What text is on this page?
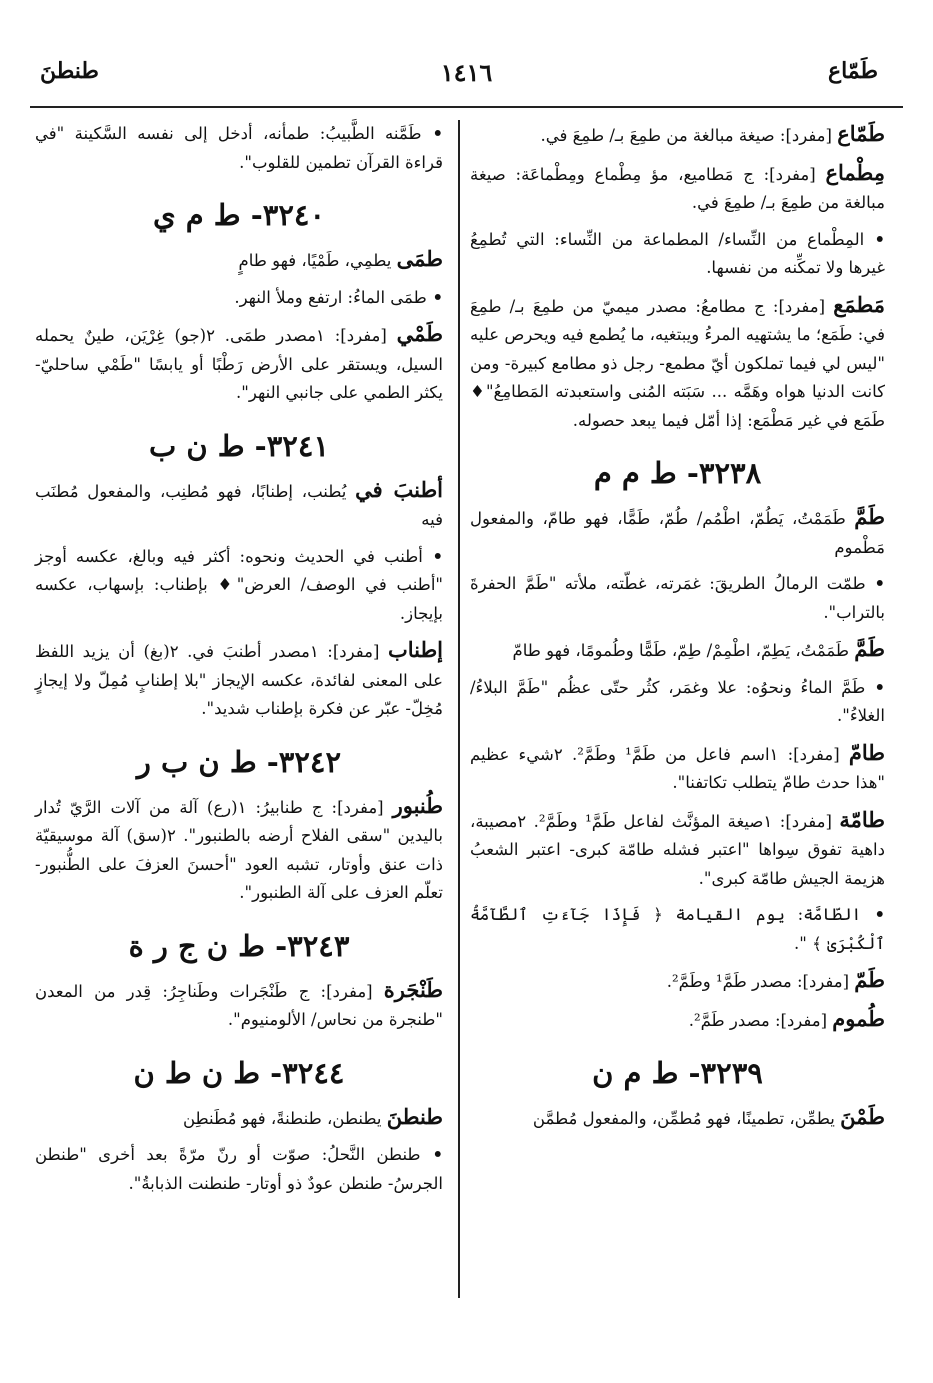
طَمّاع
١٤١٦
طنطنَ
طَمّاع [مفرد]: صيغة مبالغة من طمِعَ بـ/ طمِعَ في.
مِطْماع [مفرد]: ج مَطاميع، مؤ مِطْماع ومِطْماعَة: صيغة مبالغة من طمِعَ بـ/ طمِعَ في.
• المِطْماع من النِّساء/ المطماعة من النِّساء: التي تُطمِعُ غيرها ولا تمكِّنه من نفسها.
مَطمَع [مفرد]: ج مطامعُ: مصدر ميميّ من طمِعَ بـ/ طمِعَ في: طَمَع؛ ما يشتهيه المرءُ ويبتغيه، ما يُطمع فيه ويحرص عليه "ليس لي فيما تملكون أيّ مطمع- رجل ذو مطامع كبيرة- ومن كانت الدنيا هواه وهَمَّه ... سَبَته المُنى واستعبدته المَطامِعُ"♦ طَمَع في غير مَطْمَع: إذا أمّل فيما يبعد حصوله.
٣٢٣٨- ط م م
طَمَّ طَمَمْتُ، يَطُمّ، اطْمُم/ طُمّ، طَمًّا، فهو طامّ، والمفعول مَطْموم
• طمّت الرمالُ الطريقَ: غمَرته، غطّته، ملأته "طَمَّ الحفرةَ بالتراب".
طَمَّ طَمَمْتُ، يَطِمّ، اطْمِمْ/ طِمّ، طَمًّا وطُمومًا، فهو طامّ
• طَمَّ الماءُ ونحوُه: علا وغمَر، كثُر حتّى عظُم "طَمَّ البلاءُ/ الغلاءُ".
طامّ [مفرد]: ١اسم فاعل من طَمَّ¹ وطَمَّ². ٢شيء عظيم "هذا حدث طامّ يتطلب تكاتفنا".
طامّة [مفرد]: ١صيغة المؤنَّث لفاعل طَمَّ¹ وطَمَّ². ٢مصيبة، داهية تفوق سِواها "اعتبر فشله طامّة كبرى- اعتبر الشعبُ هزيمة الجيش طامّة كبرى".
• الطّامَّة: يوم القيامة ﴿ فَإِذَا جَآءَتِ ٱلطَّآمَّةُ ٱلْكُبْرَىٰ ﴾ ".
طَمّ [مفرد]: مصدر طَمَّ¹ وطَمَّ².
طُموم [مفرد]: مصدر طَمَّ².
٣٢٣٩- ط م ن
طَمْنَ يطمِّن، تطمينًا، فهو مُطمِّن، والمفعول مُطمَّن
• طَمَّنه الطَّبيبُ: طمأنه، أدخل إلى نفسه السَّكينة "في قراءة القرآن تطمين للقلوب".
٣٢٤٠- ط م ي
طمَى يطمِي، طَمْيًا، فهو طامٍ
• طمَى الماءُ: ارتفع وملأ النهر.
طَمْي [مفرد]: ١مصدر طمَى. ٢(جو) غِرْيَن، طينٌ يحمله السيل، ويستقر على الأرض رَطْبًا أو يابسًا "طَمْي ساحليّ- يكثر الطمي على جانبي النهر".
٣٢٤١- ط ن ب
أطنبَ في يُطنب، إطنابًا، فهو مُطنِب، والمفعول مُطنَب فيه
• أطنب في الحديث ونحوه: أكثر فيه وبالغ، عكسه أوجز "أطنب في الوصف/ العرض"♦ بإطناب: بإسهاب، عكسه بإيجاز.
إطناب [مفرد]: ١مصدر أطنبَ في. ٢(بغ) أن يزيد اللفظ على المعنى لفائدة، عكسه الإيجاز "بلا إطنابٍ مُمِلّ ولا إيجازٍ مُخِلّ- عبّر عن فكرة بإطناب شديد".
٣٢٤٢- ط ن ب ر
طُنبور [مفرد]: ج طنابيرُ: ١(رع) آلة من آلات الرَّيّ تُدار باليدين "سقى الفلاح أرضه بالطنبور". ٢(سق) آلة موسيقيّة ذات عنق وأوتار، تشبه العود "أحسنَ العزفَ على الطُّنبور- تعلّم العزف على آلة الطنبور".
٣٢٤٣- ط ن ج ر ة
طَنْجَرة [مفرد]: ج طَنْجَرات وطَناجِرُ: قِدر من المعدن "طنجرة من نحاس/ الألومنيوم".
٣٢٤٤- ط ن ط ن
طنطنَ يطنطن، طنطنةً، فهو مُطَنطِن
• طنطن النَّحلُ: صوّت أو رنّ مرّةً بعد أخرى "طنطن الجرسُ- طنطن عودٌ ذو أوتار- طنطنت الذبابةُ".
